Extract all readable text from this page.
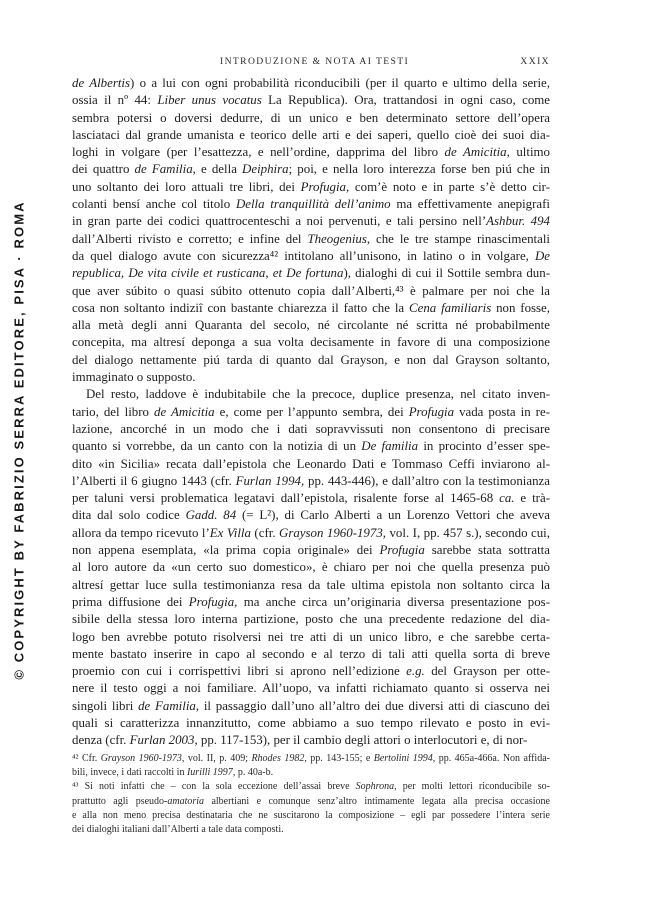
© COPYRIGHT BY FABRIZIO SERRA EDITORE, PISA · ROMA
INTRODUZIONE & NOTA AI TESTI	XXIX
de Albertis) o a lui con ogni probabilità riconducibili (per il quarto e ultimo della serie,
ossia il nº 44: Liber unus vocatus La Republica). Ora, trattandosi in ogni caso, come
sembra potersi o doversi dedurre, di un unico e ben determinato settore dell’opera
lasciataci dal grande umanista e teorico delle arti e dei saperi, quello cioè dei suoi dia-
loghi in volgare (per l’esattezza, e nell’ordine, dapprima del libro de Amicitia, ultimo
dei quattro de Familia, e della Deiphira; poi, e nella loro interezza forse ben piú che in
uno soltanto dei loro attuali tre libri, dei Profugia, com’è noto e in parte s’è detto cir-
colanti bensí anche col titolo Della tranquillità dell’animo ma effettivamente anepigrafi
in gran parte dei codici quattrocenteschi a noi pervenuti, e tali persino nell’Ashbur. 494
dall’Alberti rivisto e corretto; e infine del Theogenius, che le tre stampe rinascimentali
da quel dialogo avute con sicurezza⁴² intitolano all’unisono, in latino o in volgare, De
republica, De vita civile et rusticana, et De fortuna), dialoghi di cui il Sottile sembra dun-
que aver súbito o quasi súbito ottenuto copia dall’Alberti,⁴³ è palmare per noi che la
cosa non soltanto indiziî con bastante chiarezza il fatto che la Cena familiaris non fosse,
alla metà degli anni Quaranta del secolo, né circolante né scritta né probabilmente
concepita, ma altresí deponga a sua volta decisamente in favore di una composizione
del dialogo nettamente piú tarda di quanto dal Grayson, e non dal Grayson soltanto,
immaginato o supposto.
Del resto, laddove è indubitabile che la precoce, duplice presenza, nel citato inven-
tario, del libro de Amicitia e, come per l’appunto sembra, dei Profugia vada posta in re-
lazione, ancorché in un modo che i dati sopravvissuti non consentono di precisare
quanto si vorrebbe, da un canto con la notizia di un De familia in procinto d’esser spe-
dito «in Sicilia» recata dall’epistola che Leonardo Dati e Tommaso Ceffi inviarono al-
l’Alberti il 6 giugno 1443 (cfr. Furlan 1994, pp. 443-446), e dall’altro con la testimonianza
per taluni versi problematica legatavi dall’epistola, risalente forse al 1465-68 ca. e trà-
dita dal solo codice Gadd. 84 (= L²), di Carlo Alberti a un Lorenzo Vettori che aveva
allora da tempo ricevuto l’Ex Villa (cfr. Grayson 1960-1973, vol. I, pp. 457 s.), secondo cui,
non appena esemplata, «la prima copia originale» dei Profugia sarebbe stata sottratta
al loro autore da «un certo suo domestico», è chiaro per noi che quella presenza può
altresí gettar luce sulla testimonianza resa da tale ultima epistola non soltanto circa la
prima diffusione dei Profugia, ma anche circa un’originaria diversa presentazione pos-
sibile della stessa loro interna partizione, posto che una precedente redazione del dia-
logo ben avrebbe potuto risolversi nei tre atti di un unico libro, e che sarebbe certa-
mente bastato inserire in capo al secondo e al terzo di tali atti quella sorta di breve
proemio con cui i corrispettivi libri si aprono nell’edizione e.g. del Grayson per otte-
nere il testo oggi a noi familiare. All’uopo, va infatti richiamato quanto si osserva nei
singoli libri de Familia, il passaggio dall’uno all’altro dei due diversi atti di ciascuno dei
quali si caratterizza innanzitutto, come abbiamo a suo tempo rilevato e posto in evi-
denza (cfr. Furlan 2003, pp. 117-153), per il cambio degli attori o interlocutori e, di nor-
⁴² Cfr. Grayson 1960-1973, vol. II, p. 409; Rhodes 1982, pp. 143-155; e Bertolini 1994, pp. 465a-466a. Non affida-
bili, invece, i dati raccolti in Iurilli 1997, p. 40a-b.
⁴³ Si noti infatti che – con la sola eccezione dell’assai breve Sophrona, per molti lettori riconducibile so-
prattutto agli pseudo-amatoria albertiani e comunque senz’altro intimamente legata alla precisa occasione
e alla non meno precisa destinataria che ne suscitarono la composizione – egli par possedere l’intera serie
dei dialoghi italiani dall’Alberti a tale data composti.
